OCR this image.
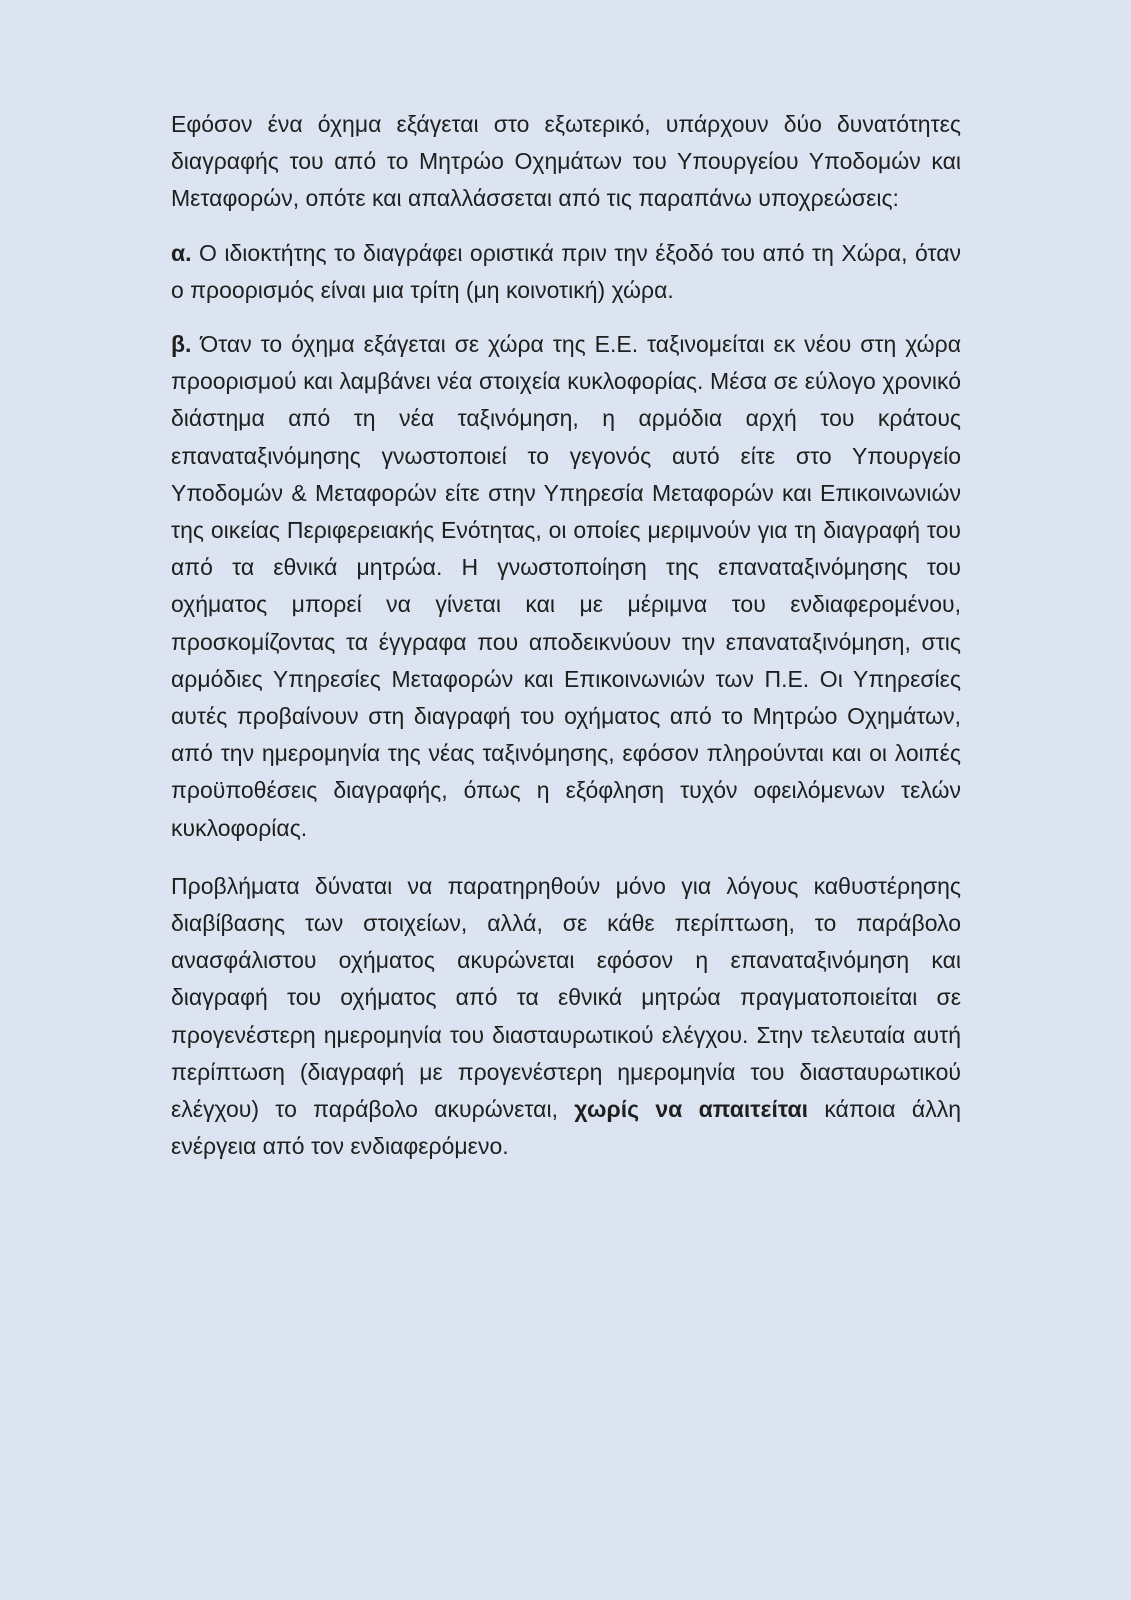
Εφόσον ένα όχημα εξάγεται στο εξωτερικό, υπάρχουν δύο δυνατότητες διαγραφής του από το Μητρώο Οχημάτων του Υπουργείου Υποδομών και Μεταφορών, οπότε και απαλλάσσεται από τις παραπάνω υποχρεώσεις:

α. Ο ιδιοκτήτης το διαγράφει οριστικά πριν την έξοδό του από τη Χώρα, όταν ο προορισμός είναι μια τρίτη (μη κοινοτική) χώρα.

β. Όταν το όχημα εξάγεται σε χώρα της Ε.Ε. ταξινομείται εκ νέου στη χώρα προορισμού και λαμβάνει νέα στοιχεία κυκλοφορίας. Μέσα σε εύλογο χρονικό διάστημα από τη νέα ταξινόμηση, η αρμόδια αρχή του κράτους επαναταξινόμησης γνωστοποιεί το γεγονός αυτό είτε στο Υπουργείο Υποδομών & Μεταφορών είτε στην Υπηρεσία Μεταφορών και Επικοινωνιών της οικείας Περιφερειακής Ενότητας, οι οποίες μεριμνούν για τη διαγραφή του από τα εθνικά μητρώα. Η γνωστοποίηση της επαναταξινόμησης του οχήματος μπορεί να γίνεται και με μέριμνα του ενδιαφερομένου, προσκομίζοντας τα έγγραφα που αποδεικνύουν την επαναταξινόμηση, στις αρμόδιες Υπηρεσίες Μεταφορών και Επικοινωνιών των Π.Ε. Οι Υπηρεσίες αυτές προβαίνουν στη διαγραφή του οχήματος από το Μητρώο Οχημάτων, από την ημερομηνία της νέας ταξινόμησης, εφόσον πληρούνται και οι λοιπές προϋποθέσεις διαγραφής, όπως η εξόφληση τυχόν οφειλόμενων τελών κυκλοφορίας.

Προβλήματα δύναται να παρατηρηθούν μόνο για λόγους καθυστέρησης διαβίβασης των στοιχείων, αλλά, σε κάθε περίπτωση, το παράβολο ανασφάλιστου οχήματος ακυρώνεται εφόσον η επαναταξινόμηση και διαγραφή του οχήματος από τα εθνικά μητρώα πραγματοποιείται σε προγενέστερη ημερομηνία του διασταυρωτικού ελέγχου. Στην τελευταία αυτή περίπτωση (διαγραφή με προγενέστερη ημερομηνία του διασταυρωτικού ελέγχου) το παράβολο ακυρώνεται, χωρίς να απαιτείται κάποια άλλη ενέργεια από τον ενδιαφερόμενο.
